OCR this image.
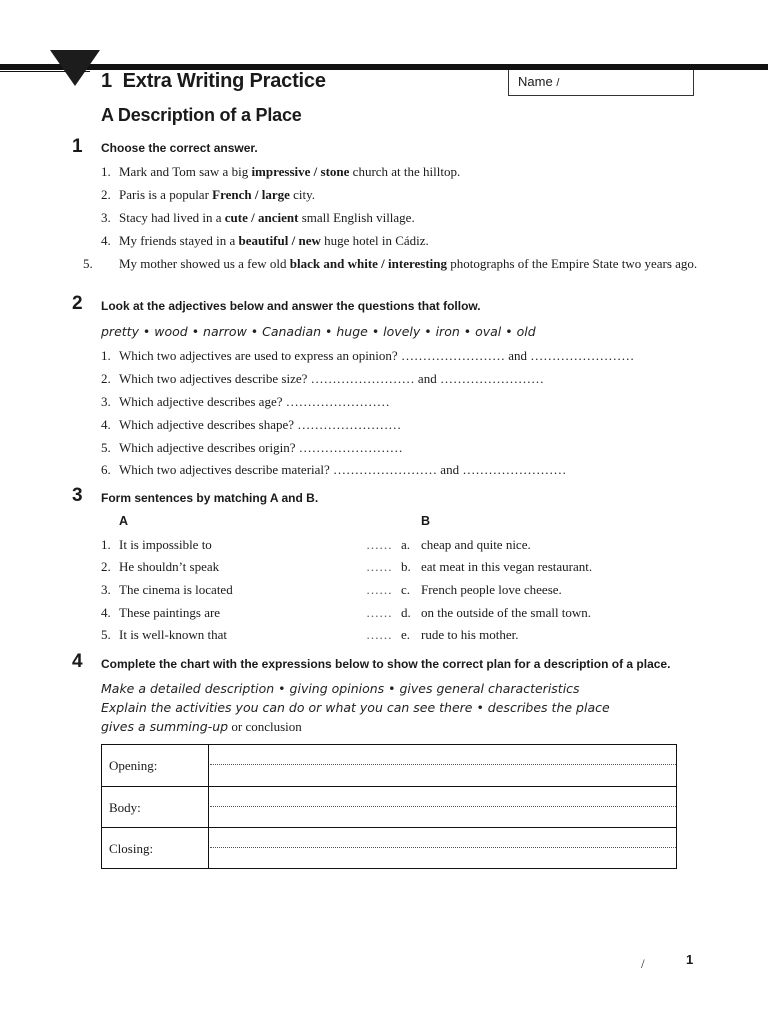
1 Extra Writing Practice
A Description of a Place
Name /
1 Choose the correct answer.
1. Mark and Tom saw a big impressive / stone church at the hilltop.
2. Paris is a popular French / large city.
3. Stacy had lived in a cute / ancient small English village.
4. My friends stayed in a beautiful / new huge hotel in Cádiz.
5. My mother showed us a few old black and white / interesting photographs of the Empire State two years ago.
2 Look at the adjectives below and answer the questions that follow.
pretty • wood • narrow • Canadian • huge • lovely • iron • oval • old
1. Which two adjectives are used to express an opinion? …………………… and ……………………
2. Which two adjectives describe size? …………………… and ……………………
3. Which adjective describes age? ……………………
4. Which adjective describes shape? ……………………
5. Which adjective describes origin? ……………………
6. Which two adjectives describe material? …………………… and ……………………
3 Form sentences by matching A and B.
A	B
1. It is impossible to	…… a. cheap and quite nice.
2. He shouldn’t speak	…… b. eat meat in this vegan restaurant.
3. The cinema is located	…… c. French people love cheese.
4. These paintings are	…… d. on the outside of the small town.
5. It is well-known that	…… e. rude to his mother.
4 Complete the chart with the expressions below to show the correct plan for a description of a place.
Make a detailed description • giving opinions • gives general characteristics
Explain the activities you can do or what you can see there • describes the place
gives a summing-up or conclusion
Opening:
Body:
Closing:
/	1
